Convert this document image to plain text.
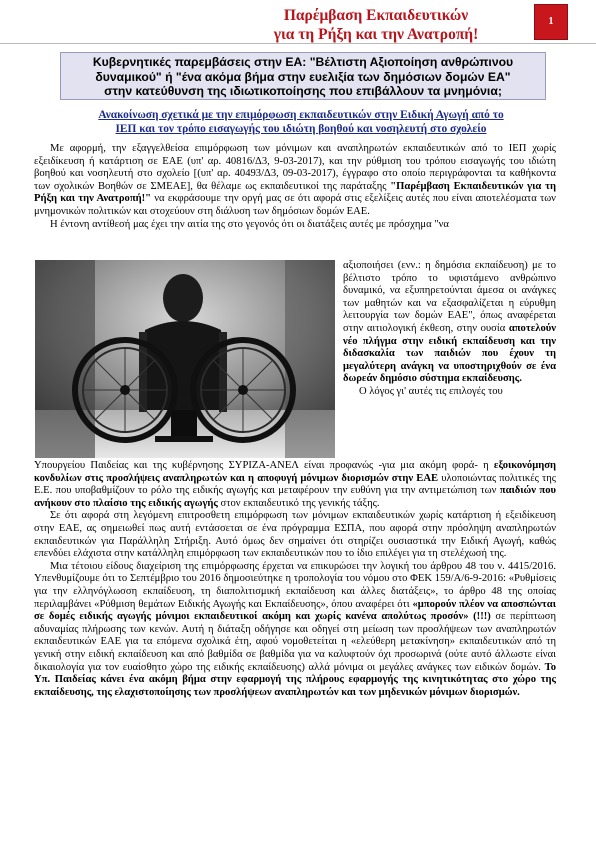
Παρέμβαση Εκπαιδευτικών
για τη Ρήξη και την Ανατροπή!
1
Κυβερνητικές παρεμβάσεις στην ΕΑ: "Βέλτιστη Αξιοποίηση ανθρώπινου
δυναμικού" ή "ένα ακόμα βήμα στην ευελιξία των δημόσιων δομών ΕΑ"
στην κατεύθυνση της ιδιωτικοποίησης που επιβάλλουν τα μνημόνια;
Ανακοίνωση σχετικά με την επιμόρφωση εκπαιδευτικών στην Ειδική Αγωγή από το
ΙΕΠ και τον τρόπο εισαγωγής του ιδιώτη βοηθού και νοσηλευτή στο σχολείο

Με αφορμή, την εξαγγελθείσα επιμόρφωση των μόνιμων και αναπληρωτών εκπαιδευτικών από το ΙΕΠ χωρίς εξειδίκευση ή κατάρτιση σε ΕΑΕ (υπ' αρ. 40816/Δ3, 9-03-2017), και την ρύθμιση του τρόπου εισαγωγής του ιδιώτη βοηθού και νοσηλευτή στο σχολείο [(υπ' αρ. 40493/Δ3, 09-03-2017), έγγραφο στο οποίο περιγράφονται τα καθήκοντα των σχολικών Βοηθών σε ΣΜΕΑΕ], θα θέλαμε ως εκπαιδευτικοί της παράταξης "Παρέμβαση Εκπαιδευτικών για τη Ρήξη και την Ανατροπή!" να εκφράσουμε την οργή μας σε ότι αφορά στις εξελίξεις αυτές που είναι αποτελέσματα των μνημονικών πολιτικών και στοχεύουν στη διάλυση των δημόσιων δομών ΕΑΕ.

Η έντονη αντίθεσή μας έχει την αιτία της στο γεγονός ότι οι διατάξεις αυτές με πρόσχημα "να

αξιοποιήσει (ενν.: η δημόσια εκπαίδευση) με το βέλτιστο τρόπο το υφιστάμενο ανθρώπινο δυναμικό, να εξυπηρετούνται άμεσα οι ανάγκες των μαθητών και να εξασφαλίζεται η εύρυθμη λειτουργία των δομών ΕΑΕ", όπως αναφέρεται στην αιτιολογική έκθεση, στην ουσία αποτελούν νέο πλήγμα στην ειδική εκπαίδευση και την διδασκαλία των παιδιών που έχουν τη μεγαλύτερη ανάγκη να υποστηριχθούν σε ένα δωρεάν δημόσιο σύστημα εκπαίδευσης.
Ο λόγος γι' αυτές τις επιλογές του
Υπουργείου Παιδείας και της κυβέρνησης ΣΥΡΙΖΑ-ΑΝΕΛ είναι προφανώς -για μια ακόμη φορά- η εξοικονόμηση κονδυλίων στις προσλήψεις αναπληρωτών και η αποφυγή μόνιμων διορισμών στην ΕΑΕ υλοποιώντας πολιτικές της Ε.Ε. που υποβαθμίζουν το ρόλο της ειδικής αγωγής και μεταφέρουν την ευθύνη για την αντιμετώπιση των παιδιών που ανήκουν στο πλαίσιο της ειδικής αγωγής στον εκπαιδευτικό της γενικής τάξης.

Σε ότι αφορά στη λεγόμενη επιτροσθετη επιμόρφωση των μόνιμων εκπαιδευτικών χωρίς κατάρτιση ή εξειδίκευση στην ΕΑΕ, ας σημειωθεί πως αυτή εντάσσεται σε ένα πρόγραμμα ΕΣΠΑ, που αφορά στην πρόσληψη αναπληρωτών εκπαιδευτικών για Παράλληλη Στήριξη. Αυτό όμως δεν σημαίνει ότι στηρίζει ουσιαστικά την Ειδική Αγωγή, καθώς επενδύει ελάχιστα στην κατάλληλη επιμόρφωση των εκπαιδευτικών που το ίδιο επιλέγει για τη στελέχωσή της.

Μια τέτοιου είδους διαχείριση της επιμόρφωσης έρχεται να επικυρώσει την λογική του άρθρου 48 του ν. 4415/2016. Υπενθυμίζουμε ότι το Σεπτέμβριο του 2016 δημοσιεύτηκε η τροπολογία του νόμου στο ΦΕΚ 159/Α/6-9-2016: «Ρυθμίσεις για την ελληνόγλωσση εκπαίδευση, τη διαπολιτισμική εκπαίδευση και άλλες διατάξεις», το άρθρο 48 της οποίας περιλαμβάνει «Ρύθμιση θεμάτων Ειδικής Αγωγής και Εκπαίδευσης», όπου αναφέρει ότι «μπορούν πλέον να αποσπώνται σε δομές ειδικής αγωγής μόνιμοι εκπαιδευτικοί ακόμη και χωρίς κανένα απολύτως προσόν» (!!!) σε περίπτωση αδυναμίας πλήρωσης των κενών. Αυτή η διάταξη οδήγησε και οδηγεί στη μείωση των προσλήψεων των αναπληρωτών εκπαιδευτικών ΕΑΕ για τα επόμενα σχολικά έτη, αφού νομοθετείται η «ελεύθερη μετακίνηση» εκπαιδευτικών από τη γενική στην ειδική εκπαίδευση και από βαθμίδα σε βαθμίδα για να καλυφτούν όχι προσωρινά (ούτε αυτό άλλωστε είναι δικαιολογία για τον ευαίσθητο χώρο της ειδικής εκπαίδευσης) αλλά μόνιμα οι μεγάλες ανάγκες των ειδικών δομών. Το Υπ. Παιδείας κάνει ένα ακόμη βήμα στην εφαρμογή της πλήρους εφαρμογής της κινητικότητας στο χώρο της εκπαίδευσης, της ελαχιστοποίησης των προσλήψεων αναπληρωτών και των μηδενικών μόνιμων διορισμών.
